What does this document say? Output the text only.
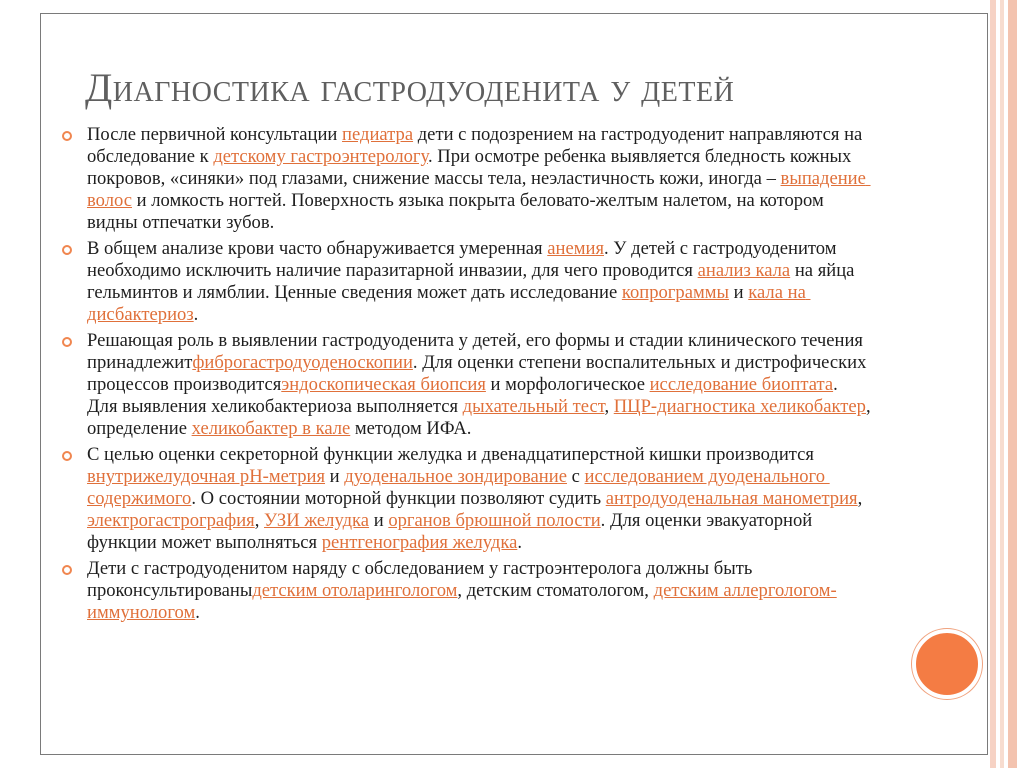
Диагностика гастродуоденита у детей
После первичной консультации педиатра дети с подозрением на гастродуоденит направляются на обследование к детскому гастроэнтерологу. При осмотре ребенка выявляется бледность кожных покровов, «синяки» под глазами, снижение массы тела, неэластичность кожи, иногда – выпадение волос и ломкость ногтей. Поверхность языка покрыта беловато-желтым налетом, на котором видны отпечатки зубов.
В общем анализе крови часто обнаруживается умеренная анемия. У детей с гастродуоденитом необходимо исключить наличие паразитарной инвазии, для чего проводится анализ кала на яйца гельминтов и лямблии. Ценные сведения может дать исследование копрограммы и кала на дисбактериоз.
Решающая роль в выявлении гастродуоденита у детей, его формы и стадии клинического течения принадлежитфиброгастродуоденоскопии. Для оценки степени воспалительных и дистрофических процессов производитсяэндоскопическая биопсия и морфологическое исследование биоптата. Для выявления хеликобактериоза выполняется дыхательный тест, ПЦР-диагностика хеликобактер, определение хеликобактер в кале методом ИФА.
С целью оценки секреторной функции желудка и двенадцатиперстной кишки производится внутрижелудочная рН-метрия и дуоденальное зондирование с исследованием дуоденального содержимого. О состоянии моторной функции позволяют судить антродуоденальная манометрия, электрогастрография, УЗИ желудка и органов брюшной полости. Для оценки эвакуаторной функции может выполняться рентгенография желудка.
Дети с гастродуоденитом наряду с обследованием у гастроэнтеролога должны быть проконсультированыдетским отоларингологом, детским стоматологом, детским аллергологом-иммунологом.
